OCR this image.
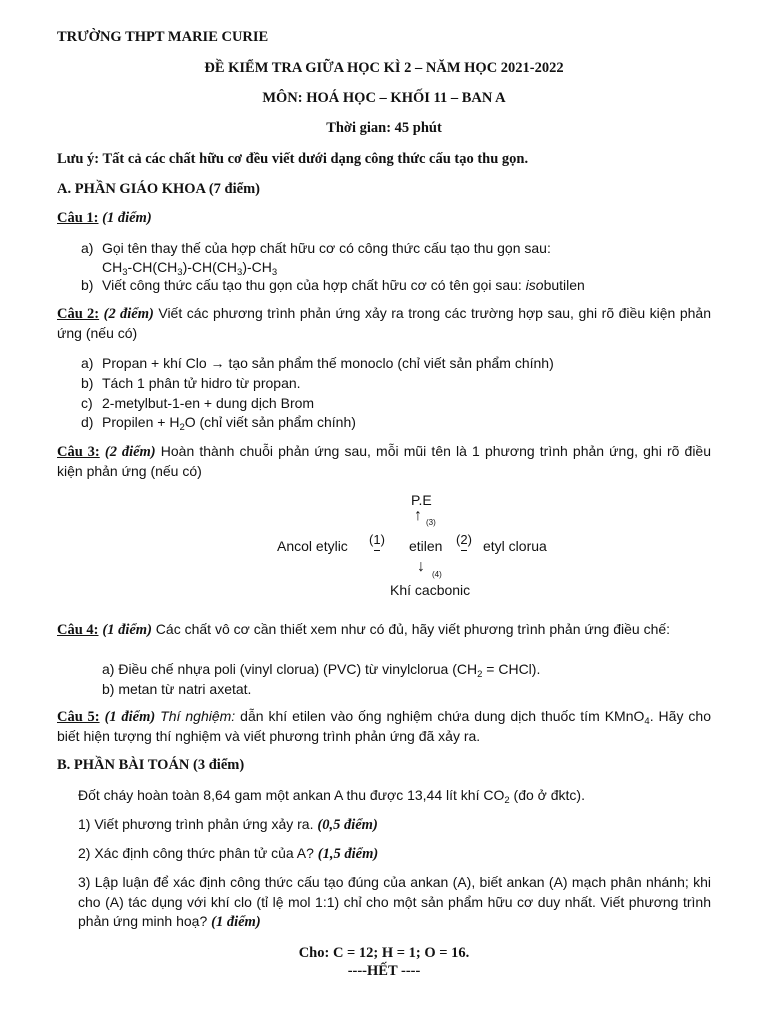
TRƯỜNG THPT MARIE CURIE
ĐỀ KIỂM TRA GIỮA HỌC KÌ 2 – NĂM HỌC 2021-2022
MÔN: HOÁ HỌC – KHỐI 11 – BAN A
Thời gian: 45 phút
Lưu ý: Tất cả các chất hữu cơ đều viết dưới dạng công thức cấu tạo thu gọn.
A. PHẦN GIÁO KHOA (7 điểm)
Câu 1: (1 điểm)
a) Gọi tên thay thế của hợp chất hữu cơ có công thức cấu tạo thu gọn sau:
$CH_3-CH(CH_3)-CH(CH_3)-CH_3$
b) Viết công thức cấu tạo thu gọn của hợp chất hữu cơ có tên gọi sau: isobutilen
Câu 2: (2 điểm) Viết các phương trình phản ứng xảy ra trong các trường hợp sau, ghi rõ điều kiện phản ứng (nếu có)
a) Propan + khí Clo → tạo sản phẩm thế monoclo (chỉ viết sản phẩm chính)
b) Tách 1 phân tử hidro từ propan.
c) 2-metylbut-1-en + dung dịch Brom
d) Propilen + $H_2O$ (chỉ viết sản phẩm chính)
Câu 3: (2 điểm) Hoàn thành chuỗi phản ứng sau, mỗi mũi tên là 1 phương trình phản ứng, ghi rõ điều kiện phản ứng (nếu có)
P.E
↑ (3)
Ancol etylic (1) etilen (2) etyl clorua
↓ (4)
Khí cacbonic
Câu 4: (1 điểm) Các chất vô cơ cần thiết xem như có đủ, hãy viết phương trình phản ứng điều chế:
a) Điều chế nhựa poli (vinyl clorua) (PVC) từ vinylclorua ($CH_2$ = CHCl).
b) metan từ natri axetat.
Câu 5: (1 điểm) Thí nghiệm: dẫn khí etilen vào ống nghiệm chứa dung dịch thuốc tím KMnO$_4$. Hãy cho biết hiện tượng thí nghiệm và viết phương trình phản ứng đã xảy ra.
B. PHẦN BÀI TOÁN (3 điểm)
Đốt cháy hoàn toàn 8,64 gam một ankan A thu được 13,44 lít khí $CO_2$ (đo ở đktc).
1) Viết phương trình phản ứng xảy ra. (0,5 điểm)
2) Xác định công thức phân tử của A? (1,5 điểm)
3) Lập luận để xác định công thức cấu tạo đúng của ankan (A), biết ankan (A) mạch phân nhánh; khi cho (A) tác dụng với khí clo (tỉ lệ mol 1:1) chỉ cho một sản phẩm hữu cơ duy nhất. Viết phương trình phản ứng minh hoạ? (1 điểm)
Cho: C = 12; H = 1; O = 16.
----HẾT ----
